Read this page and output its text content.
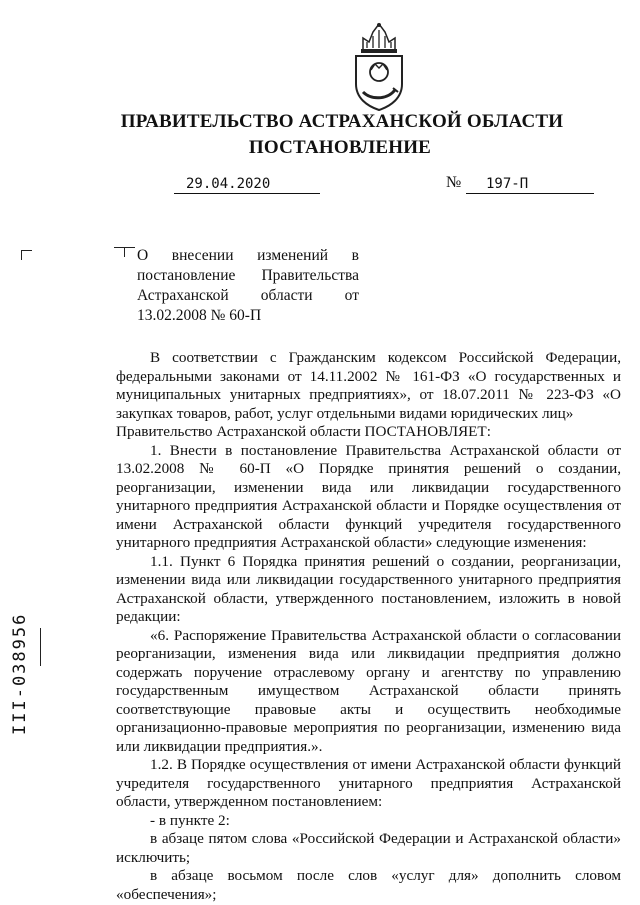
ПРАВИТЕЛЬСТВО АСТРАХАНСКОЙ ОБЛАСТИ
ПОСТАНОВЛЕНИЕ
29.04.2020	№ 197-П
О внесении изменений в постановление Правительства Астраханской области от 13.02.2008 № 60-П

В соответствии с Гражданским кодексом Российской Федерации, федеральными законами от 14.11.2002 № 161-ФЗ «О государственных и муниципальных унитарных предприятиях», от 18.07.2011 № 223-ФЗ «О закупках товаров, работ, услуг отдельными видами юридических лиц»

Правительство Астраханской области ПОСТАНОВЛЯЕТ:

1. Внести в постановление Правительства Астраханской области от 13.02.2008 № 60-П «О Порядке принятия решений о создании, реорганизации, изменении вида или ликвидации государственного унитарного предприятия Астраханской области и Порядке осуществления от имени Астраханской области функций учредителя государственного унитарного предприятия Астраханской области» следующие изменения:

1.1. Пункт 6 Порядка принятия решений о создании, реорганизации, изменении вида или ликвидации государственного унитарного предприятия Астраханской области, утвержденного постановлением, изложить в новой редакции:

«6. Распоряжение Правительства Астраханской области о согласовании реорганизации, изменения вида или ликвидации предприятия должно содержать поручение отраслевому органу и агентству по управлению государственным имуществом Астраханской области принять соответствующие правовые акты и осуществить необходимые организационно-правовые мероприятия по реорганизации, изменению вида или ликвидации предприятия.».

1.2. В Порядке осуществления от имени Астраханской области функций учредителя государственного унитарного предприятия Астраханской области, утвержденном постановлением:

- в пункте 2:

в абзаце пятом слова «Российской Федерации и Астраханской области» исключить;

в абзаце восьмом после слов «услуг для» дополнить словом «обеспечения»;

III-038956
